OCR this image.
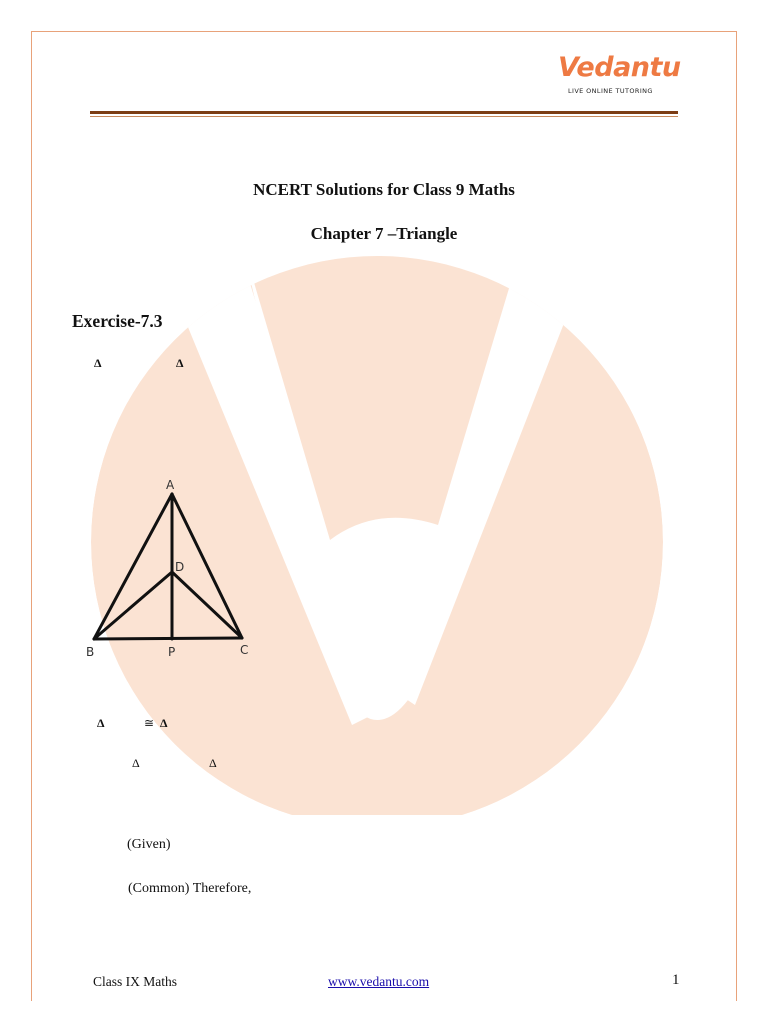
Vedantu
LIVE ONLINE TUTORING
NCERT Solutions for Class 9 Maths
Chapter 7 –Triangle
Exercise-7.3
Δ	Δ
A
D
B	P	C
Δ	≅ Δ
Δ	Δ
(Given)
(Common) Therefore,
Class IX Maths	www.vedantu.com	1
